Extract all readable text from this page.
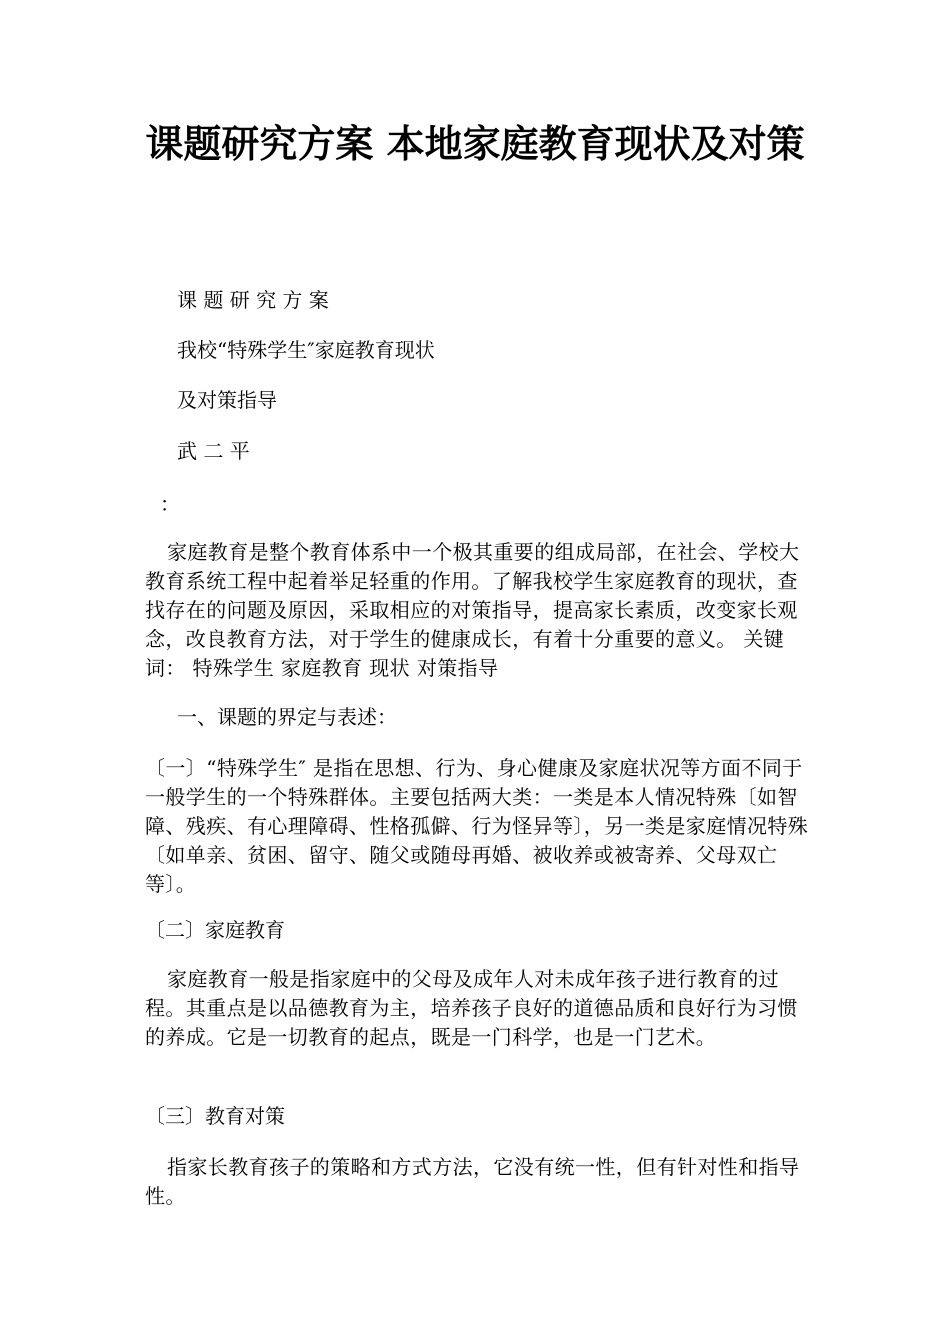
课题研究方案 本地家庭教育现状及对策
课 题 研 究 方 案
我校“特殊学生″家庭教育现状
及对策指导
武 二 平
：
家庭教育是整个教育体系中一个极其重要的组成局部，在社会、学校大教育系统工程中起着举足轻重的作用。了解我校学生家庭教育的现状，查找存在的问题及原因，采取相应的对策指导，提高家长素质，改变家长观念，改良教育方法，对于学生的健康成长，有着十分重要的意义。 关键词： 特殊学生 家庭教育 现状 对策指导
一、课题的界定与表述：
〔一〕“特殊学生″ 是指在思想、行为、身心健康及家庭状况等方面不同于一般学生的一个特殊群体。主要包括两大类：一类是本人情况特殊〔如智障、残疾、有心理障碍、性格孤僻、行为怪异等〕，另一类是家庭情况特殊〔如单亲、贫困、留守、随父或随母再婚、被收养或被寄养、父母双亡等〕。
〔二〕家庭教育
家庭教育一般是指家庭中的父母及成年人对未成年孩子进行教育的过程。其重点是以品德教育为主，培养孩子良好的道德品质和良好行为习惯的养成。它是一切教育的起点，既是一门科学，也是一门艺术。
〔三〕教育对策
指家长教育孩子的策略和方式方法，它没有统一性，但有针对性和指导性。
